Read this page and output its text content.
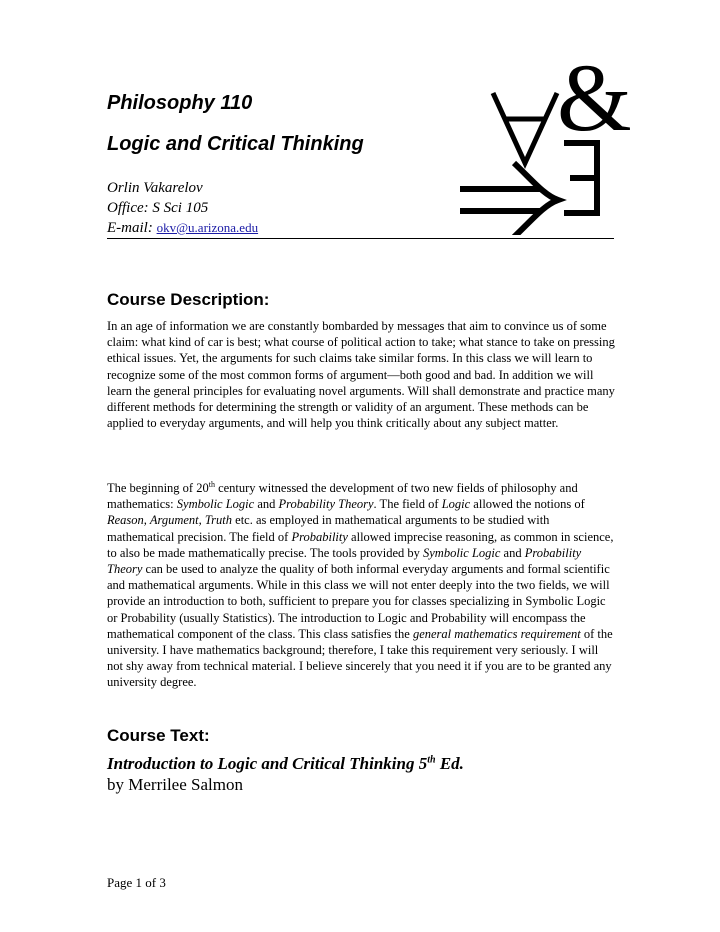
Philosophy 110
Logic and Critical Thinking
Orlin Vakarelov
Office: S Sci 105
E-mail: okv@u.arizona.edu
&
Course Description:
In an age of information we are constantly bombarded by messages that aim to convince us of some claim: what kind of car is best; what course of political action to take; what stance to take on pressing ethical issues. Yet, the arguments for such claims take similar forms. In this class we will learn to recognize some of the most common forms of argument—both good and bad. In addition we will learn the general principles for evaluating novel arguments. Will shall demonstrate and practice many different methods for determining the strength or validity of an argument. These methods can be applied to everyday arguments, and will help you think critically about any subject matter.
The beginning of 20th century witnessed the development of two new fields of philosophy and mathematics: Symbolic Logic and Probability Theory. The field of Logic allowed the notions of Reason, Argument, Truth etc. as employed in mathematical arguments to be studied with mathematical precision. The field of Probability allowed imprecise reasoning, as common in science, to also be made mathematically precise. The tools provided by Symbolic Logic and Probability Theory can be used to analyze the quality of both informal everyday arguments and formal scientific and mathematical arguments. While in this class we will not enter deeply into the two fields, we will provide an introduction to both, sufficient to prepare you for classes specializing in Symbolic Logic or Probability (usually Statistics). The introduction to Logic and Probability will encompass the mathematical component of the class. This class satisfies the general mathematics requirement of the university. I have mathematics background; therefore, I take this requirement very seriously. I will not shy away from technical material. I believe sincerely that you need it if you are to be granted any university degree.
Course Text:
Introduction to Logic and Critical Thinking 5th Ed.
by Merrilee Salmon
Page 1 of 3
